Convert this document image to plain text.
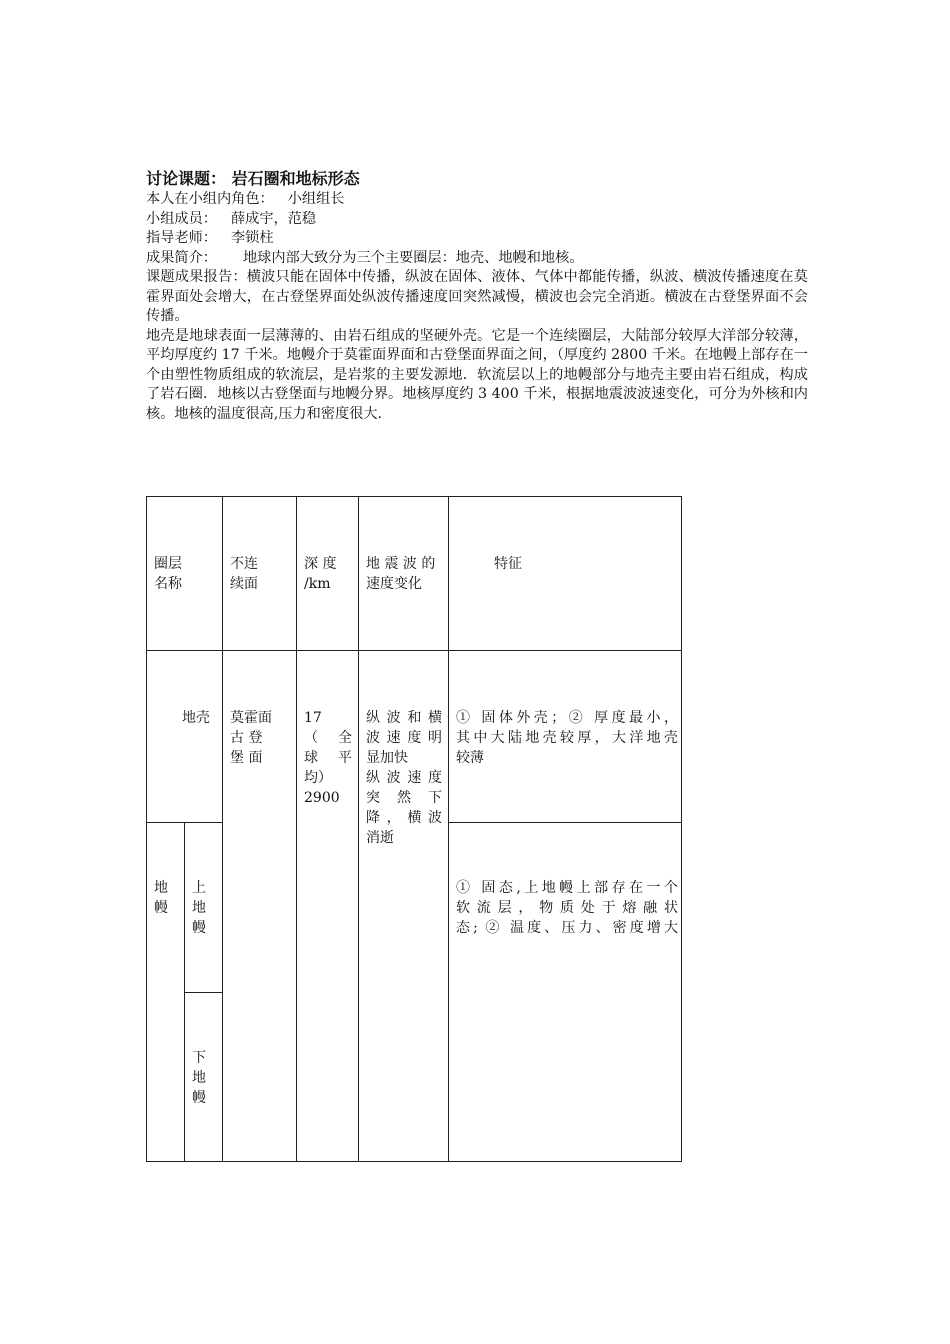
讨论课题： 岩石圈和地标形态
本人在小组内角色： 小组组长
小组成员： 薛成宇，范稳
指导老师： 李锁柱
成果简介： 地球内部大致分为三个主要圈层：地壳、地幔和地核。
课题成果报告：横波只能在固体中传播，纵波在固体、液体、气体中都能传播，纵波、横波传播速度在莫霍界面处会增大，在古登堡界面处纵波传播速度回突然减慢，横波也会完全消逝。横波在古登堡界面不会传播。
地壳是地球表面一层薄薄的、由岩石组成的坚硬外壳。它是一个连续圈层，大陆部分较厚大洋部分较薄，平均厚度约 17 千米。地幔介于莫霍面界面和古登堡面界面之间，（厚度约 2800 千米。在地幔上部存在一个由塑性物质组成的软流层，是岩浆的主要发源地．软流层以上的地幔部分与地壳主要由岩石组成，构成了岩石圈．地核以古登堡面与地幔分界。地核厚度约 3 400 千米，根据地震波波速变化，可分为外核和内核。地核的温度很高,压力和密度很大.
圈层
名称
不连
续面
深 度
/km
地 震 波 的
速度变化
特征
地壳	莫霍面
古 登
堡 面
17
（ 全
球 平
均）
2900
纵 波 和 横
波 速 度 明
显加快
纵 波 速 度
突 然 下
降 ， 横 波
消逝
① 固体外壳；② 厚度最小，
其中大陆地壳较厚，大洋地壳
较薄
地
幔
上
地
幔
下
地
幔
① 固态,上地幔上部存在一个
软 流 层 ， 物 质 处 于 熔 融 状
态; ② 温度、压力、密度增大
